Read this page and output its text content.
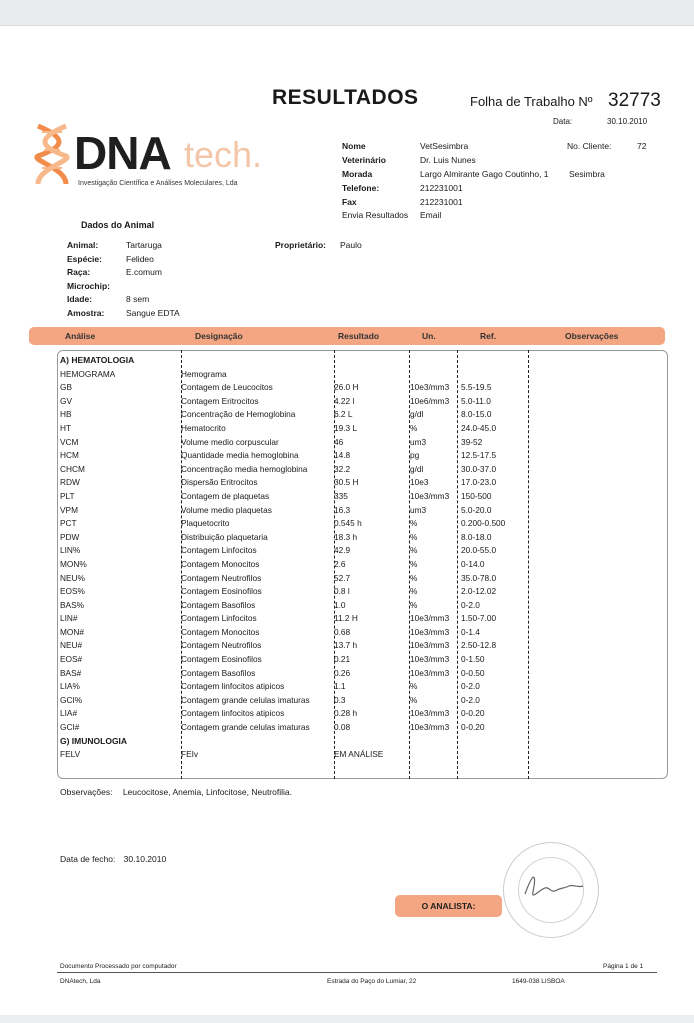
RESULTADOS	Folha de Trabalho Nº 32773
Data:	30.10.2010
DNA tech.
Investigação Científica e Análises Moleculares, Lda
Nome	VetSesimbra	No. Cliente:	72
Veterinário	Dr. Luis Nunes
Morada	Largo Almirante Gago Coutinho, 1 Sesimbra
Telefone:	212231001
Fax	212231001
Envia Resultados Email
Dados do Animal
Animal:	Tartaruga
Espécie:	Felideo
Raça:	E.comum
Microchip:
Idade:	8 sem
Amostra:	Sangue EDTA
Proprietário: Paulo
Análise	Designação	Resultado	Un.	Ref.	Observações
A) HEMATOLOGIA
HEMOGRAMA	Hemograma
GB	Contagem de Leucocitos	26.0 H	10e3/mm3 5.5-19.5
GV	Contagem Eritrocitos	4.22 l	10e6/mm3 5.0-11.0
HB	Concentração de Hemoglobina	6.2 L	g/dl	8.0-15.0
HT	Hematocrito	19.3 L	%	24.0-45.0
VCM	Volume medio corpuscular	46	um3	39-52
HCM	Quantidade media hemoglobina	14.8	pg	12.5-17.5
CHCM	Concentração media hemoglobina	32.2	g/dl	30.0-37.0
RDW	Dispersão Eritrocitos	30.5 H	10e3	17.0-23.0
PLT	Contagem de plaquetas	335	10e3/mm3 150-500
VPM	Volume medio plaquetas	16.3	um3	5.0-20.0
PCT	Plaquetocrito	0.545 h	%	0.200-0.500
PDW	Distribuição plaquetaria	18.3 h	%	8.0-18.0
LIN%	Contagem Linfocitos	42.9	%	20.0-55.0
MON%	Contagem Monocitos	2.6	%	0-14.0
NEU%	Contagem Neutrofilos	52.7	%	35.0-78.0
EOS%	Contagem Eosinofilos	0.8 l	%	2.0-12.02
BAS%	Contagem Basofilos	1.0	%	0-2.0
LIN#	Contagem Linfocitos	11.2 H	10e3/mm3 1.50-7.00
MON#	Contagem Monocitos	0.68	10e3/mm3 0-1.4
NEU#	Contagem Neutrofilos	13.7 h	10e3/mm3 2.50-12.8
EOS#	Contagem Eosinofilos	0.21	10e3/mm3 0-1.50
BAS#	Contagem Basofilos	0.26	10e3/mm3 0-0.50
LIA%	Contagem linfocitos atipicos	1.1	%	0-2.0
GCI%	Contagem grande celulas imaturas	0.3	%	0-2.0
LIA#	Contagem linfocitos atipicos	0.28 h	10e3/mm3 0-0.20
GCI#	Contagem grande celulas imaturas	0.08	10e3/mm3 0-0.20
G) IMUNOLOGIA
FELV	FEIv	EM ANÁLISE
Observações: Leucocitose, Anemia, Linfocitose, Neutrofilia.
Data de fecho: 30.10.2010
O ANALISTA:
Documento Processado por computador	Página 1 de 1
DNAtech, Lda	Estrada do Paço do Lumiar, 22	1649-038 LISBOA
